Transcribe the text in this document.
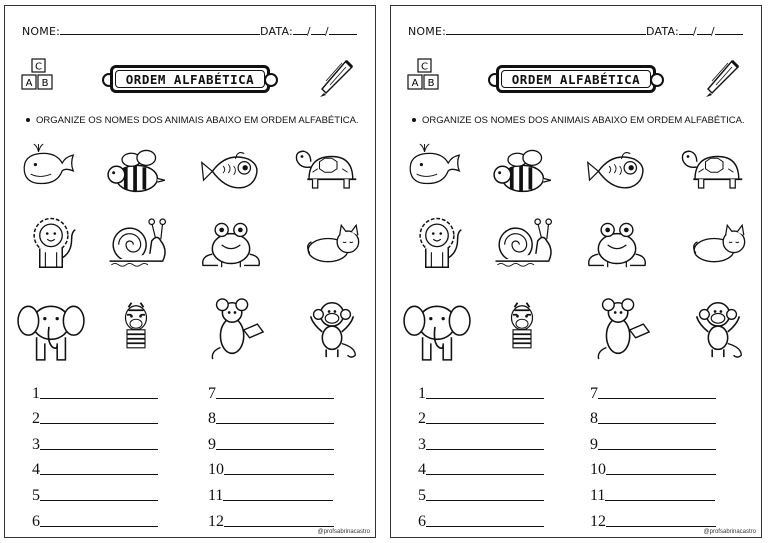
NOME:	DATA: / /
C
A B	ORDEM ALFABÉTICA
ORGANIZE OS NOMES DOS ANIMAIS ABAIXO EM ORDEM ALFABÉTICA.
1
2
3
4
5
6
7
8
9
10
11
12
@profsabrinacastro
NOME:	DATA: / /
C
A B	ORDEM ALFABÉTICA
ORGANIZE OS NOMES DOS ANIMAIS ABAIXO EM ORDEM ALFABÉTICA.
1
2
3
4
5
6
7
8
9
10
11
12
@profsabrinacastro
